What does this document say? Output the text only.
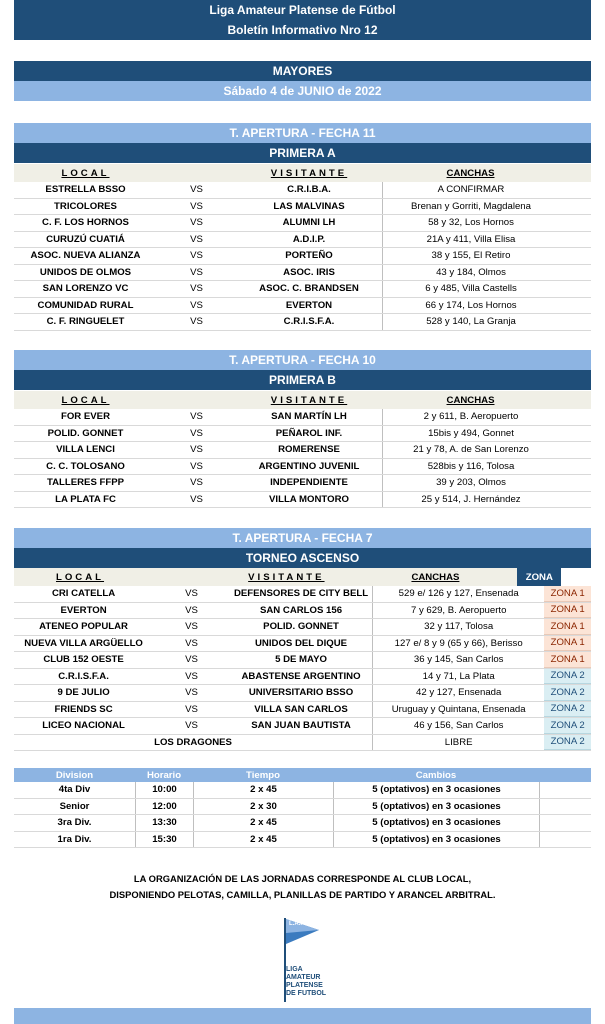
Liga Amateur Platense de Fútbol
Boletín Informativo Nro 12
MAYORES
Sábado 4 de JUNIO de 2022
T. APERTURA - FECHA 11
PRIMERA A
LOCAL	VISITANTE	CANCHAS
ESTRELLA BSSO	VS	C.R.I.B.A.	A CONFIRMAR
TRICOLORES	VS	LAS MALVINAS	Brenan y Gorriti, Magdalena
C. F. LOS HORNOS	VS	ALUMNI LH	58 y 32, Los Hornos
CURUZÚ CUATIÁ	VS	A.D.I.P.	21A y 411, Villa Elisa
ASOC. NUEVA ALIANZA	VS	PORTEÑO	38 y 155, El Retiro
UNIDOS DE OLMOS	VS	ASOC. IRIS	43 y 184, Olmos
SAN LORENZO VC	VS	ASOC. C. BRANDSEN	6 y 485, Villa Castells
COMUNIDAD RURAL	VS	EVERTON	66 y 174, Los Hornos
C. F. RINGUELET	VS	C.R.I.S.F.A.	528 y 140, La Granja
T. APERTURA - FECHA 10
PRIMERA B
LOCAL	VISITANTE	CANCHAS
FOR EVER	VS	SAN MARTÍN LH	2 y 611, B. Aeropuerto
POLID. GONNET	VS	PEÑAROL INF.	15bis y 494, Gonnet
VILLA LENCI	VS	ROMERENSE	21 y 78, A. de San Lorenzo
C. C. TOLOSANO	VS	ARGENTINO JUVENIL	528bis y 116, Tolosa
TALLERES FFPP	VS	INDEPENDIENTE	39 y 203, Olmos
LA PLATA FC	VS	VILLA MONTORO	25 y 514, J. Hernández
T. APERTURA - FECHA 7
TORNEO ASCENSO
LOCAL	VISITANTE	CANCHAS	ZONA
CRI CATELLA	VS	DEFENSORES DE CITY BELL	529 e/ 126 y 127, Ensenada	ZONA 1
EVERTON	VS	SAN CARLOS 156	7 y 629, B. Aeropuerto	ZONA 1
ATENEO POPULAR	VS	POLID. GONNET	32 y 117, Tolosa	ZONA 1
NUEVA VILLA ARGÜELLO	VS	UNIDOS DEL DIQUE	127 e/ 8 y 9 (65 y 66), Berisso	ZONA 1
CLUB 152 OESTE	VS	5 DE MAYO	36 y 145, San Carlos	ZONA 1
C.R.I.S.F.A.	VS	ABASTENSE ARGENTINO	14 y 71, La Plata	ZONA 2
9 DE JULIO	VS	UNIVERSITARIO BSSO	42 y 127, Ensenada	ZONA 2
FRIENDS SC	VS	VILLA SAN CARLOS	Uruguay y Quintana, Ensenada	ZONA 2
LICEO NACIONAL	VS	SAN JUAN BAUTISTA	46 y 156, San Carlos	ZONA 2
LOS DRAGONES	LIBRE	ZONA 2
Division	Horario	Tiempo	Cambios
4ta Div	10:00	2 x 45	5 (optativos) en 3 ocasiones
Senior	12:00	2 x 30	5 (optativos) en 3 ocasiones
3ra Div.	13:30	2 x 45	5 (optativos) en 3 ocasiones
1ra Div.	15:30	2 x 45	5 (optativos) en 3 ocasiones
LA ORGANIZACIÓN DE LAS JORNADAS CORRESPONDE AL CLUB LOCAL,
DISPONIENDO PELOTAS, CAMILLA, PLANILLAS DE PARTIDO Y ARANCEL ARBITRAL.
L.A.P.
LIGA
AMATEUR
PLATENSE
DE FUTBOL
